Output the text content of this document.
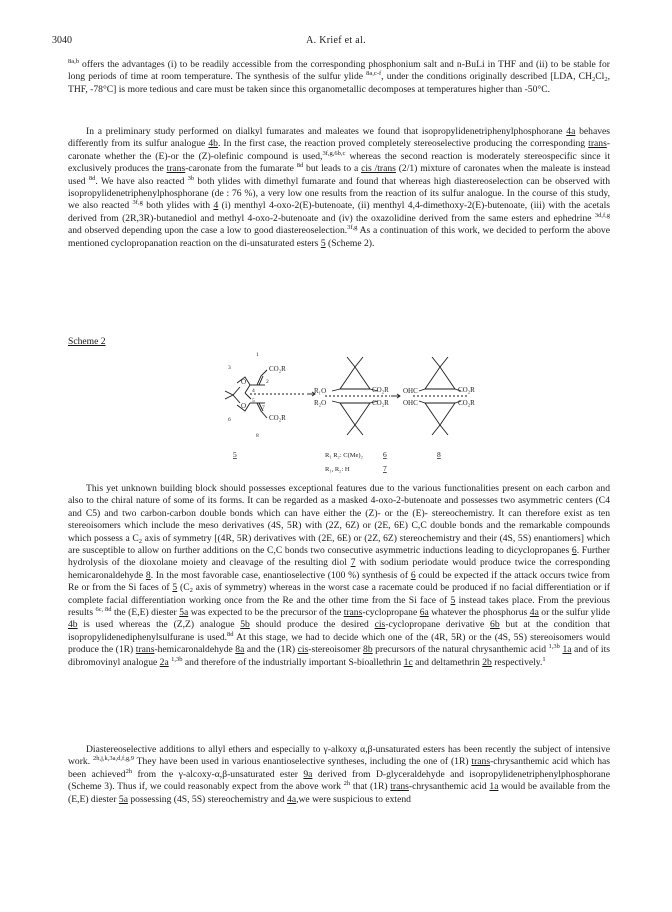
3040	A. Krief et al.

$^{8a,b}$ offers the advantages (i) to be readily accessible from the corresponding phosphonium salt and n-BuLi in THF and (ii) to be stable for long periods of time at room temperature. The synthesis of the sulfur ylide $^{8a,c-f}$, under the conditions originally described [LDA, $CH_2Cl_2$, THF, -78°C] is more tedious and care must be taken since this organometallic decomposes at temperatures higher than -50°C.

In a preliminary study performed on dialkyl fumarates and maleates we found that isopropylidenetriphenylphosphorane 4a behaves differently from its sulfur analogue 4b. In the first case, the reaction proved completely stereoselective producing the corresponding trans-caronate whether the (E)-or the (Z)-olefinic compound is used,$^{3f,g,6b,c}$ whereas the second reaction is moderately stereospecific since it exclusively produces the trans-caronate from the fumarate $^{8d}$ but leads to a cis /trans (2/1) mixture of caronates when the maleate is instead used $^{8d}$. We have also reacted $^{3b}$ both ylides with dimethyl fumarate and found that whereas high diastereoselection can be observed with isopropylidenetriphenylphosphorane (de : 76 %), a very low one results from the reaction of its sulfur analogue. In the course of this study, we also reacted $^{3f,g}$ both ylides with 4 (i) menthyl 4-oxo-2(E)-butenoate, (ii) menthyl 4,4-dimethoxy-2(E)-butenoate, (iii) with the acetals derived from (2R,3R)-butanediol and methyl 4-oxo-2-butenoate and (iv) the oxazolidine derived from the same esters and ephedrine $^{3d,f,g}$ and observed depending upon the case a low to good diastereoselection.$^{3f,g}$ As a continuation of this work, we decided to perform the above mentioned cyclopropanation reaction on the di-unsaturated esters 5 (Scheme 2).

Scheme 2
O
O
CO₂R
CO₂R
1
2
3
4
5
6
7
8
R₁O
R₂O
CO₂R
CO₂R
OHC
OHC
CO₂R
CO₂R
5	R₁ R₂: C(Me)₂	6	8
R₁, R₂: H	7

This yet unknown building block should possesses exceptional features due to the various functionalities present on each carbon and also to the chiral nature of some of its forms. It can be regarded as a masked 4-oxo-2-butenoate and possesses two asymmetric centers (C4 and C5) and two carbon-carbon double bonds which can have either the (Z)- or the (E)- stereochemistry. It can therefore exist as ten stereoisomers which include the meso derivatives (4S, 5R) with (2Z, 6Z) or (2E, 6E) C,C double bonds and the remarkable compounds which possess a $C_2$ axis of symmetry [(4R, 5R) derivatives with (2E, 6E) or (2Z, 6Z) stereochemistry and their (4S, 5S) enantiomers] which are susceptible to allow on further additions on the C,C bonds two consecutive asymmetric inductions leading to dicyclopropanes 6. Further hydrolysis of the dioxolane moiety and cleavage of the resulting diol 7 with sodium periodate would produce twice the corresponding hemicaronaldehyde 8. In the most favorable case, enantioselective (100 %) synthesis of 6 could be expected if the attack occurs twice from Re or from the Si faces of 5 ($C_2$ axis of symmetry) whereas in the worst case a racemate could be produced if no facial differentiation or if complete facial differentiation working once from the Re and the other time from the Si face of 5 instead takes place. From the previous results $^{6c, 8d}$ the (E,E) diester 5a was expected to be the precursor of the trans-cyclopropane 6a whatever the phosphorus 4a or the sulfur ylide 4b is used whereas the (Z,Z) analogue 5b should produce the desired cis-cyclopropane derivative 6b but at the condition that isopropylidenediphenylsulfurane is used.$^{8d}$ At this stage, we had to decide which one of the (4R, 5R) or the (4S, 5S) stereoisomers would produce the (1R) trans-hemicaronaldehyde 8a and the (1R) cis-stereoisomer 8b precursors of the natural chrysanthemic acid $^{1,3b}$ 1a and of its dibromovinyl analogue 2a $^{1,3b}$ and therefore of the industrially important S-bioallethrin 1c and deltamethrin 2b respectively.$^1$

Diastereoselective additions to allyl ethers and especially to γ-alkoxy α,β-unsaturated esters has been recently the subject of intensive work. $^{2h,j,k,3a,d,f,g,9}$ They have been used in various enantioselective syntheses, including the one of (1R) trans-chrysanthemic acid which has been achieved$^{2h}$ from the γ-alcoxy-α,β-unsaturated ester 9a derived from D-glyceraldehyde and isopropylidenetriphenylphosphorane (Scheme 3). Thus if, we could reasonably expect from the above work $^{2h}$ that (1R) trans-chrysanthemic acid 1a would be available from the (E,E) diester 5a possessing (4S, 5S) stereochemistry and 4a,we were suspicious to extend
